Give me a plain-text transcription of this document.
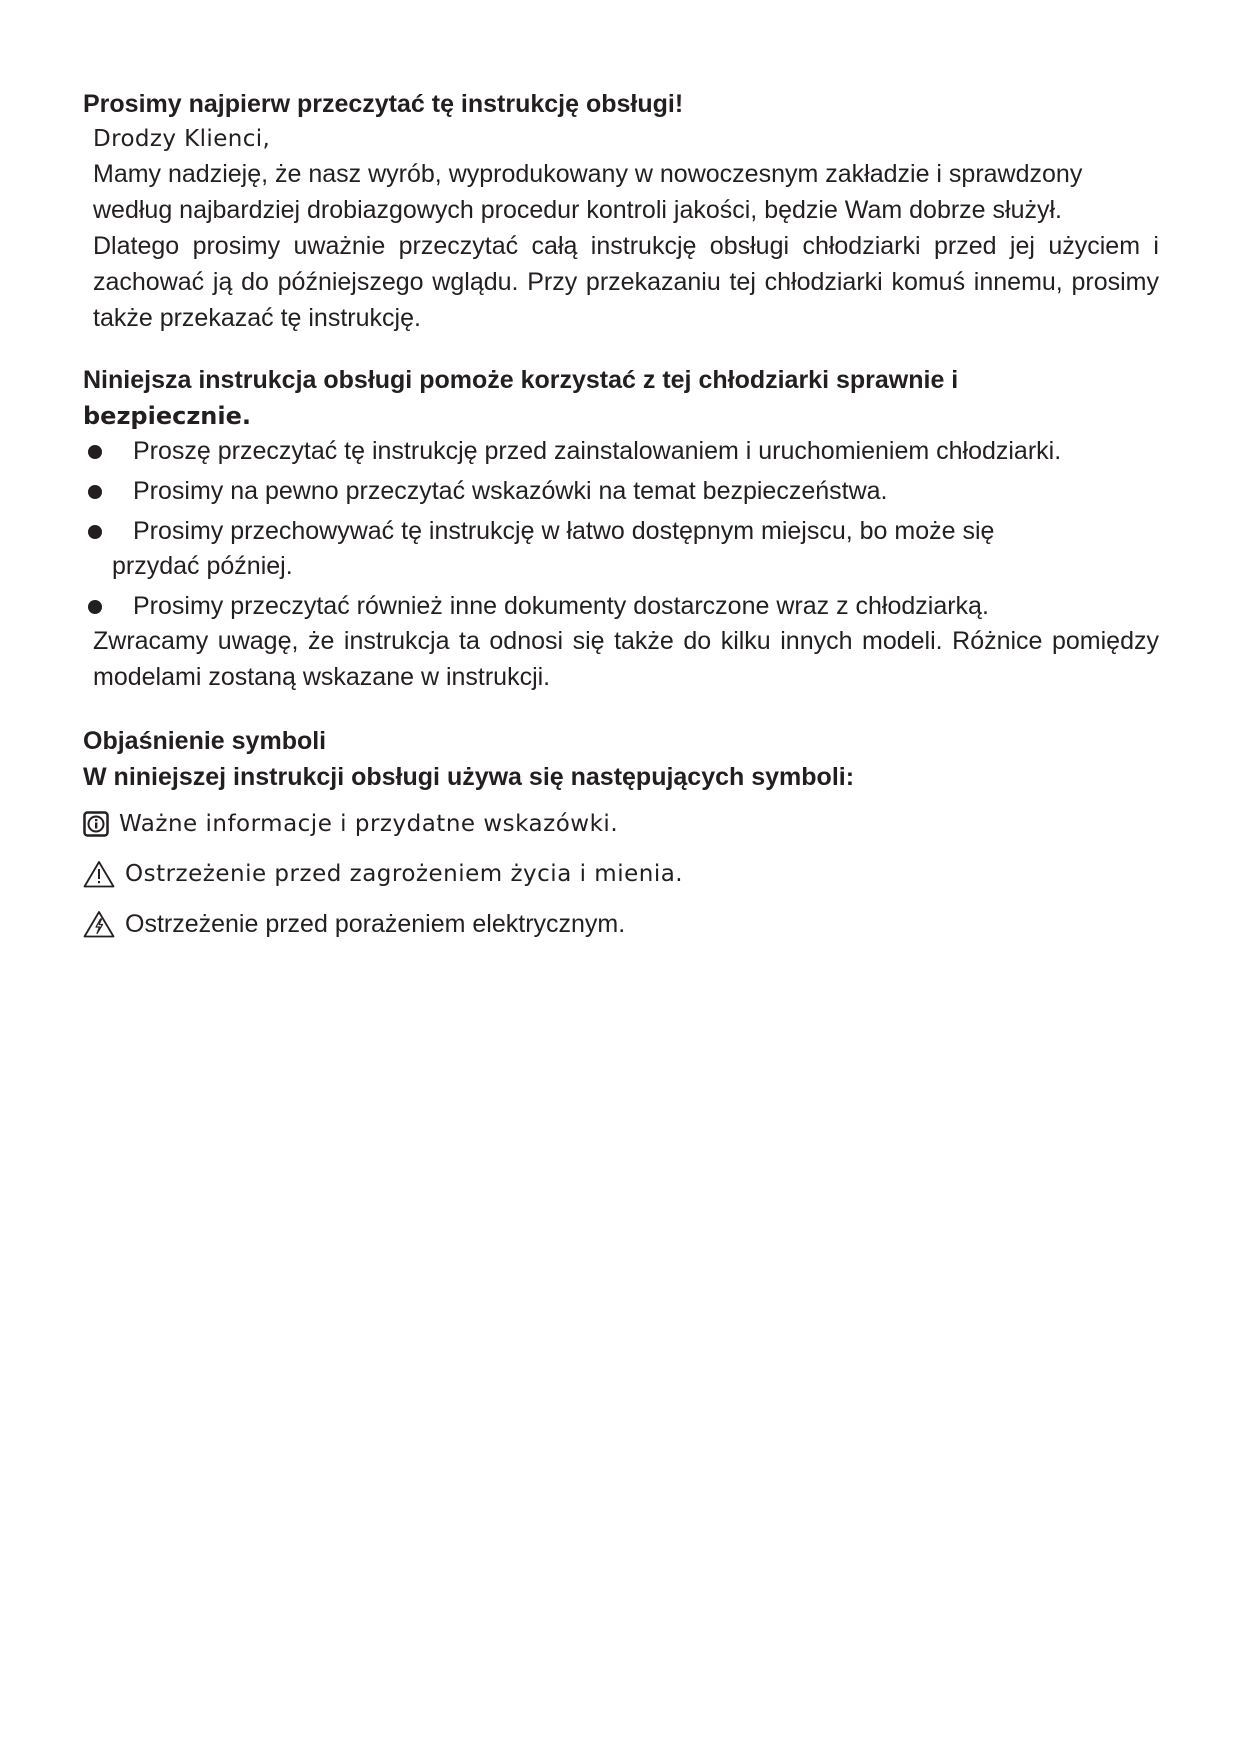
Prosimy najpierw przeczytać tę instrukcję obsługi!
Drodzy Klienci,

Mamy nadzieję, że nasz wyrób, wyprodukowany w nowoczesnym zakładzie i sprawdzony według najbardziej drobiazgowych procedur kontroli jakości, będzie Wam dobrze służył.

Dlatego prosimy uważnie przeczytać całą instrukcję obsługi chłodziarki przed jej użyciem i zachować ją do późniejszego wglądu. Przy przekazaniu tej chłodziarki komuś innemu, prosimy także przekazać tę instrukcję.

Niniejsza instrukcja obsługi pomoże korzystać z tej chłodziarki sprawnie i
bezpiecznie.
Proszę przeczytać tę instrukcję przed zainstalowaniem i uruchomieniem chłodziarki.
Prosimy na pewno przeczytać wskazówki na temat bezpieczeństwa.
Prosimy przechowywać tę instrukcję w łatwo dostępnym miejscu, bo może się
przydać później.
Prosimy przeczytać również inne dokumenty dostarczone wraz z chłodziarką.

Zwracamy uwagę, że instrukcja ta odnosi się także do kilku innych modeli. Różnice pomiędzy modelami zostaną wskazane w instrukcji.

Objaśnienie symboli
W niniejszej instrukcji obsługi używa się następujących symboli:
Ważne informacje i przydatne wskazówki.
Ostrzeżenie przed zagrożeniem życia i mienia.
Ostrzeżenie przed porażeniem elektrycznym.
